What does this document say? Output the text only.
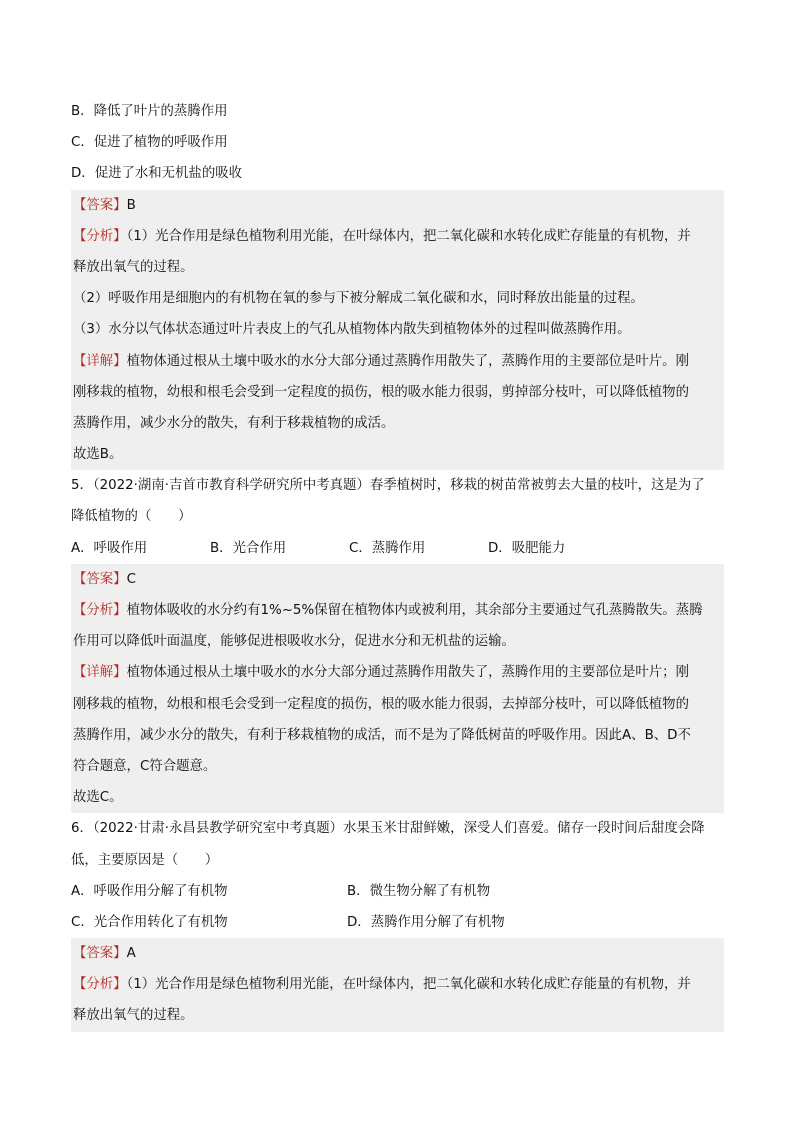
B．降低了叶片的蒸腾作用
C．促进了植物的呼吸作用
D．促进了水和无机盐的吸收
【答案】B
【分析】（1）光合作用是绿色植物利用光能，在叶绿体内，把二氧化碳和水转化成贮存能量的有机物，并
释放出氧气的过程。
（2）呼吸作用是细胞内的有机物在氧的参与下被分解成二氧化碳和水，同时释放出能量的过程。
（3）水分以气体状态通过叶片表皮上的气孔从植物体内散失到植物体外的过程叫做蒸腾作用。
【详解】植物体通过根从土壤中吸水的水分大部分通过蒸腾作用散失了，蒸腾作用的主要部位是叶片。刚
刚移栽的植物，幼根和根毛会受到一定程度的损伤，根的吸水能力很弱，剪掉部分枝叶，可以降低植物的
蒸腾作用，减少水分的散失，有利于移栽植物的成活。
故选B。
5．（2022·湖南·吉首市教育科学研究所中考真题）春季植树时，移栽的树苗常被剪去大量的枝叶，这是为了
降低植物的（　　）
A．呼吸作用	B．光合作用	C．蒸腾作用	D．吸肥能力
【答案】C
【分析】植物体吸收的水分约有1%~5%保留在植物体内或被利用，其余部分主要通过气孔蒸腾散失。蒸腾
作用可以降低叶面温度，能够促进根吸收水分，促进水分和无机盐的运输。
【详解】植物体通过根从土壤中吸水的水分大部分通过蒸腾作用散失了，蒸腾作用的主要部位是叶片；刚
刚移栽的植物，幼根和根毛会受到一定程度的损伤，根的吸水能力很弱，去掉部分枝叶，可以降低植物的
蒸腾作用，减少水分的散失，有利于移栽植物的成活，而不是为了降低树苗的呼吸作用。因此A、B、D不
符合题意，C符合题意。
故选C。
6．（2022·甘肃·永昌县教学研究室中考真题）水果玉米甘甜鲜嫩，深受人们喜爱。储存一段时间后甜度会降
低，主要原因是（　　）
A．呼吸作用分解了有机物	B．微生物分解了有机物
C．光合作用转化了有机物	D．蒸腾作用分解了有机物
【答案】A
【分析】（1）光合作用是绿色植物利用光能，在叶绿体内，把二氧化碳和水转化成贮存能量的有机物，并
释放出氧气的过程。
